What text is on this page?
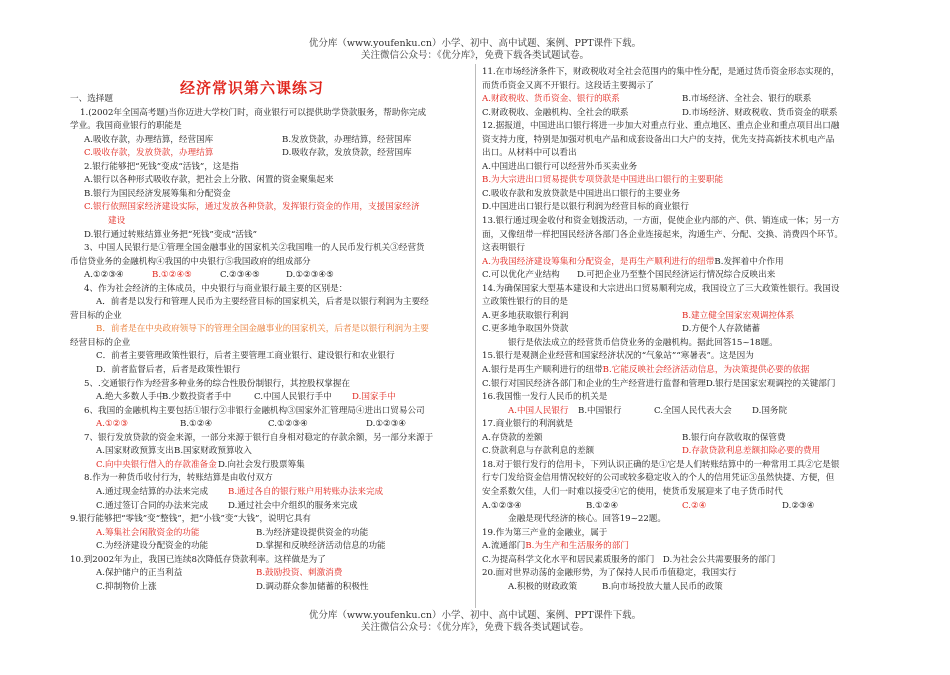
优分库（www.youfenku.cn）小学、初中、高中试题、案例、PPT课件下载。
关注微信公众号：《优分库》，免费下载各类试题试卷。
经济常识第六课练习
一、选择题
1.(2002年全国高考题)当你迈进大学校门时，商业银行可以提供助学贷款服务，帮助你完成
学业。我国商业银行的职能是
A.吸收存款，办理结算，经营国库	B.发放贷款，办理结算，经营国库
C.吸收存款，发放贷款，办理结算	D.吸收存款，发放贷款，经营国库
2.银行能够把“死钱”变成“活钱”，这是指
A.银行以各种形式吸收存款，把社会上分散、闲置的资金聚集起来
B.银行为国民经济发展筹集和分配资金
C.银行依照国家经济建设实际，通过发放各种贷款，发挥银行资金的作用，支援国家经济
建设
D.银行通过转账结算业务把“死钱”变成“活钱”
3、中国人民银行是①管理全国金融事业的国家机关②我国唯一的人民币发行机关③经营货
币信贷业务的金融机构④我国的中央银行⑤我国政府的组成部分
A.①②③④	B.①②④⑤	C.②③④⑤	D.①②③④⑤
4、作为社会经济的主体成员，中央银行与商业银行最主要的区别是：
A．前者是以发行和管理人民币为主要经营目标的国家机关，后者是以银行利润为主要经
营目标的企业
B．前者是在中央政府领导下的管理全国金融事业的国家机关，后者是以银行利润为主要
经营目标的企业
C．前者主要管理政策性银行，后者主要管理工商业银行、建设银行和农业银行
D．前者监督后者，后者是政策性银行
5、.交通银行作为经营多种业务的综合性股份制银行，其控股权掌握在
A.绝大多数人手中
B.少数投资者手中	C.中国人民银行手中 D.国家手中
6、我国的金融机构主要包括①银行②非银行金融机构③国家外汇管理局④进出口贸易公司
A.①②③	B.①②④	C.①②③④	D.①②③④
7、银行发放贷款的资金来源，一部分来源于银行自身相对稳定的存款余额，另一部分来源于
A.国家财政预算支出 B.国家财政预算收入
C.向中央银行借入的存款准备金 D.向社会发行股票筹集
8.作为一种货币收付行为，转账结算是由收付双方
A.通过现金结算的办法来完成 B.通过各自的银行账户用转账办法来完成
C.通过签订合同的办法来完成 D.通过社会中介组织的服务来完成
9.银行能够把“零钱”变“整钱”，把“小钱”变“大钱”，说明它具有
A.筹集社会闲散资金的功能	B.为经济建设提供资金的功能
C.为经济建设分配资金的功能	D.掌握和反映经济活动信息的功能
10.到2002年为止，我国已连续8次降低存贷款利率。这样做是为了
A.保护储户的正当利益	B.鼓励投资、刺激消费
C.抑制物价上涨	D.调动群众参加储蓄的积极性
11.在市场经济条件下，财政税收对全社会范围内的集中性分配，是通过货币资金形态实现的，
而货币资金又离不开银行。这段话主要揭示了
A.财政税收、货币资金、银行的联系	B.市场经济、全社会、银行的联系
C.财政税收、金融机构、全社会的联系	D.市场经济、财政税收、货币资金的联系
12.据报道，中国进出口银行将进一步加大对重点行业、重点地区、重点企业和重点项目出口融
资支持力度，特别是加强对机电产品和成套设备出口大户的支持，优先支持高新技术机电产品
出口。从材料中可以看出
A.中国进出口银行可以经营外币买卖业务
B.为大宗进出口贸易提供专项贷款是中国进出口银行的主要职能
C.吸收存款和发放贷款是中国进出口银行的主要业务
D.中国进出口银行是以银行利润为经营目标的商业银行
13.银行通过现金收付和资金划拨活动，一方面，促使企业内部的产、供、销连成一体；另一方
面，又像纽带一样把国民经济各部门各企业连接起来，沟通生产、分配、交换、消费四个环节。
这表明银行
A.为我国经济建设筹集和分配资金，是再生产顺利进行的纽带B.发挥着中介作用
C.可以优化产业结构　　D.可把企业乃至整个国民经济运行情况综合反映出来
14.为确保国家大型基本建设和大宗进出口贸易顺利完成，我国设立了三大政策性银行。我国设
立政策性银行的目的是
A.更多地获取银行利润	B.建立健全国家宏观调控体系
C.更多地争取国外贷款	D.方便个人存款储蓄
银行是依法成立的经营货币信贷业务的金融机构。据此回答15~18题。
15.银行是观测企业经营和国家经济状况的“气象站”“寒暑表”。这是因为
A.银行是再生产顺利进行的纽带B.它能反映社会经济活动信息，为决策提供必要的依据
C.银行对国民经济各部门和企业的生产经营进行监督和管理D.银行是国家宏观调控的关键部门
16.我国惟一发行人民币的机关是
A.中国人民银行 B.中国银行	C.全国人民代表大会 D.国务院
17.商业银行的利润就是
A.存贷款的差额	B.银行向存款收取的保管费
C.贷款利息与存款利息的差额	D.存款贷款利息差额扣除必要的费用
18.对于银行发行的信用卡，下列认识正确的是①它是人们转账结算中的一种常用工具②它是银
行专门发给资金信用情况较好的公司或较多稳定收入的个人的信用凭证③虽然快捷、方便，但
安全系数欠佳，人们一时难以接受④它的使用，使货币发展迎来了电子货币时代
A.①②③④	B.①②④	C.②④	D.②③④
金融是现代经济的核心。回答19~22题。
19.作为第三产业的金融业，属于
A.流通部门B.为生产和生活服务的部门
C.为提高科学文化水平和居民素质服务的部门　D.为社会公共需要服务的部门
20.面对世界动荡的金融形势，为了保持人民币币值稳定，我国实行
A.积极的财政政策	B.向市场投放大量人民币的政策
优分库（www.youfenku.cn）小学、初中、高中试题、案例、PPT课件下载。
关注微信公众号：《优分库》，免费下载各类试题试卷。
